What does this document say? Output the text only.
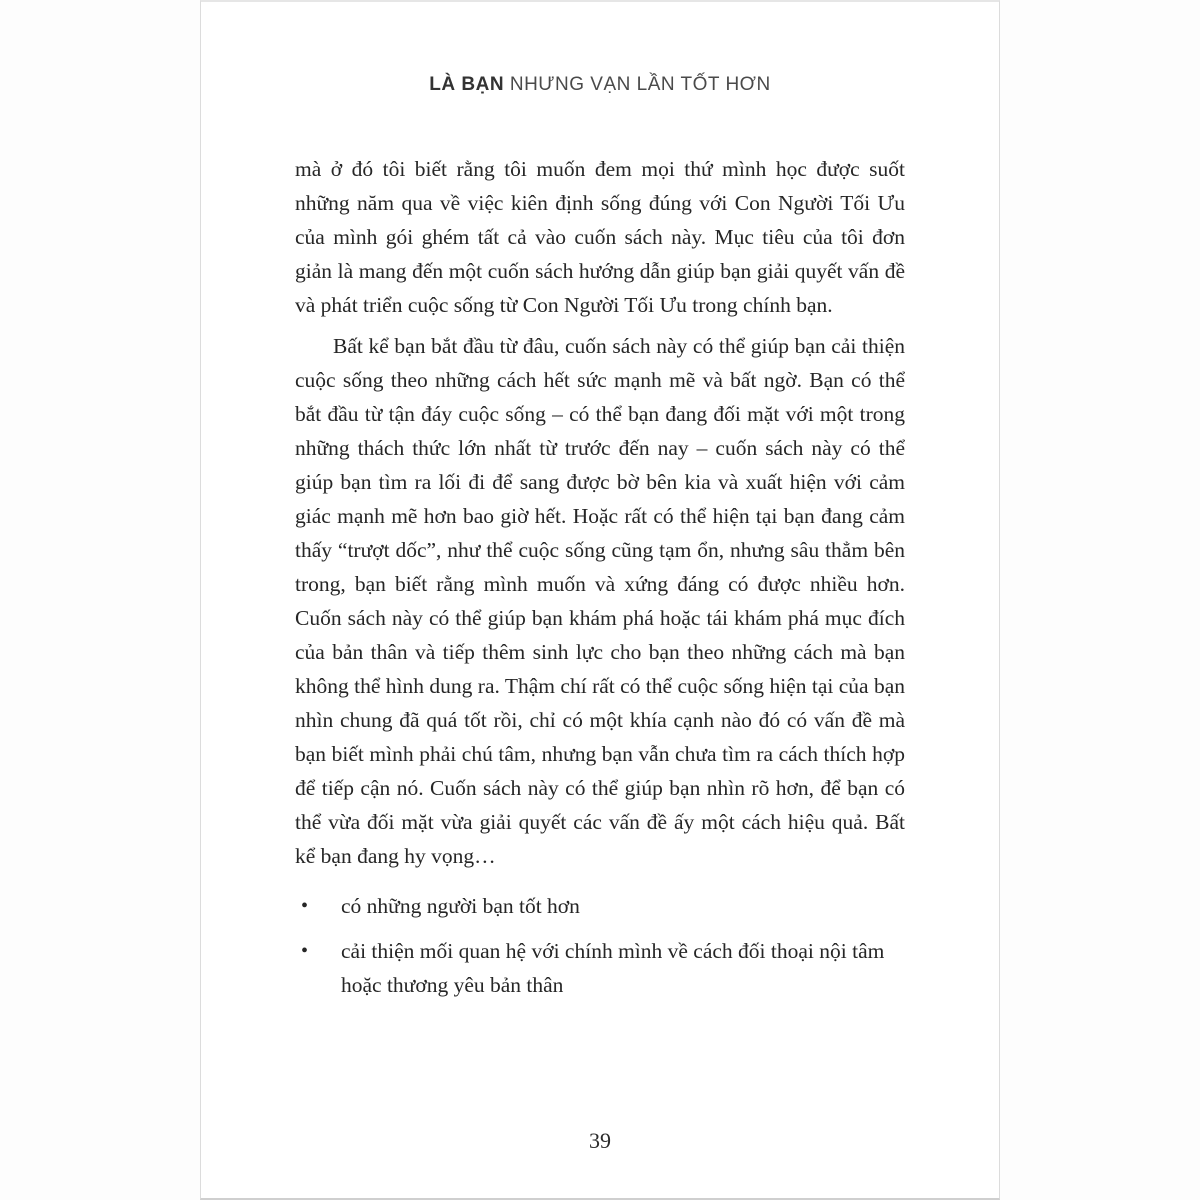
LÀ BẠN NHƯNG VẠN LẦN TỐT HƠN

mà ở đó tôi biết rằng tôi muốn đem mọi thứ mình học được suốt những năm qua về việc kiên định sống đúng với Con Người Tối Ưu của mình gói ghém tất cả vào cuốn sách này. Mục tiêu của tôi đơn giản là mang đến một cuốn sách hướng dẫn giúp bạn giải quyết vấn đề và phát triển cuộc sống từ Con Người Tối Ưu trong chính bạn.

Bất kể bạn bắt đầu từ đâu, cuốn sách này có thể giúp bạn cải thiện cuộc sống theo những cách hết sức mạnh mẽ và bất ngờ. Bạn có thể bắt đầu từ tận đáy cuộc sống – có thể bạn đang đối mặt với một trong những thách thức lớn nhất từ trước đến nay – cuốn sách này có thể giúp bạn tìm ra lối đi để sang được bờ bên kia và xuất hiện với cảm giác mạnh mẽ hơn bao giờ hết. Hoặc rất có thể hiện tại bạn đang cảm thấy “trượt dốc”, như thể cuộc sống cũng tạm ổn, nhưng sâu thẳm bên trong, bạn biết rằng mình muốn và xứng đáng có được nhiều hơn. Cuốn sách này có thể giúp bạn khám phá hoặc tái khám phá mục đích của bản thân và tiếp thêm sinh lực cho bạn theo những cách mà bạn không thể hình dung ra. Thậm chí rất có thể cuộc sống hiện tại của bạn nhìn chung đã quá tốt rồi, chỉ có một khía cạnh nào đó có vấn đề mà bạn biết mình phải chú tâm, nhưng bạn vẫn chưa tìm ra cách thích hợp để tiếp cận nó. Cuốn sách này có thể giúp bạn nhìn rõ hơn, để bạn có thể vừa đối mặt vừa giải quyết các vấn đề ấy một cách hiệu quả. Bất kể bạn đang hy vọng…

• có những người bạn tốt hơn
• cải thiện mối quan hệ với chính mình về cách đối thoại nội tâm hoặc thương yêu bản thân
39
